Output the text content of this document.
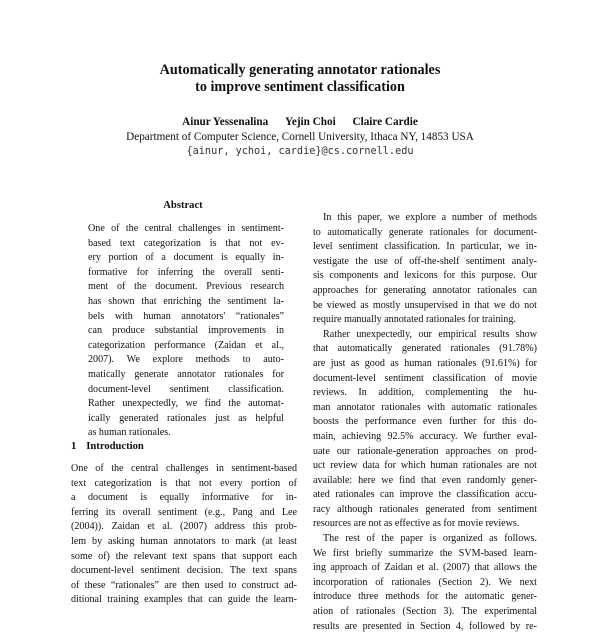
Automatically generating annotator rationales
to improve sentiment classification
Ainur Yessenalina Yejin Choi Claire Cardie
Department of Computer Science, Cornell University, Ithaca NY, 14853 USA
{ainur, ychoi, cardie}@cs.cornell.edu
Abstract
One of the central challenges in sentiment-
based text categorization is that not ev-
ery portion of a document is equally in-
formative for inferring the overall senti-
ment of the document. Previous research
has shown that enriching the sentiment la-
bels with human annotators' “rationales”
can produce substantial improvements in
categorization performance (Zaidan et al.,
2007). We explore methods to auto-
matically generate annotator rationales for
document-level sentiment classification.
Rather unexpectedly, we find the automat-
ically generated rationales just as helpful
as human rationales.
1 Introduction
One of the central challenges in sentiment-based
text categorization is that not every portion of
a document is equally informative for in-
ferring its overall sentiment (e.g., Pang and Lee
(2004)). Zaidan et al. (2007) address this prob-
lem by asking human annotators to mark (at least
some of) the relevant text spans that support each
document-level sentiment decision. The text spans
of these “rationales” are then used to construct ad-
ditional training examples that can guide the learn-
In this paper, we explore a number of methods
to automatically generate rationales for document-
level sentiment classification. In particular, we in-
vestigate the use of off-the-shelf sentiment analy-
sis components and lexicons for this purpose. Our
approaches for generating annotator rationales can
be viewed as mostly unsupervised in that we do not
require manually annotated rationales for training.
Rather unexpectedly, our empirical results show
that automatically generated rationales (91.78%)
are just as good as human rationales (91.61%) for
document-level sentiment classification of movie
reviews. In addition, complementing the hu-
man annotator rationales with automatic rationales
boosts the performance even further for this do-
main, achieving 92.5% accuracy. We further eval-
uate our rationale-generation approaches on prod-
uct review data for which human rationales are not
available: here we find that even randomly gener-
ated rationales can improve the classification accu-
racy although rationales generated from sentiment
resources are not as effective as for movie reviews.
The rest of the paper is organized as follows.
We first briefly summarize the SVM-based learn-
ing approach of Zaidan et al. (2007) that allows the
incorporation of rationales (Section 2). We next
introduce three methods for the automatic gener-
ation of rationales (Section 3). The experimental
results are presented in Section 4, followed by re-
